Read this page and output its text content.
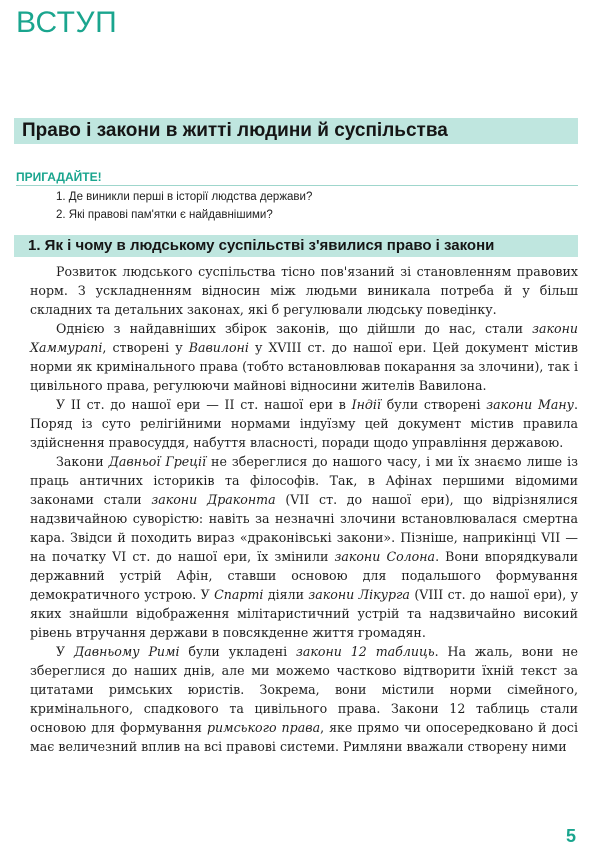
ВСТУП
Право і закони в житті людини й суспільства
ПРИГАДАЙТЕ!
1. Де виникли перші в історії людства держави?
2. Які правові пам'ятки є найдавнішими?
1. Як і чому в людському суспільстві з'явилися право і закони

Розвиток людського суспільства тісно пов'язаний зі становленням правових норм. З ускладненням відносин між людьми виникала потреба й у більш складних та детальних законах, які б регулювали людську поведінку.

Однією з найдавніших збірок законів, що дійшли до нас, стали закони Хаммурапі, створені у Вавилоні у XVIII ст. до нашої ери. Цей документ містив норми як кримінального права (тобто встановлював покарання за злочини), так і цивільного права, регулюючи майнові відносини жителів Вавилона.

У II ст. до нашої ери — II ст. нашої ери в Індії були створені закони Ману. Поряд із суто релігійними нормами індуїзму цей документ містив правила здійснення правосуддя, набуття власності, поради щодо управління державою.

Закони Давньої Греції не збереглися до нашого часу, і ми їх знаємо лише із праць античних істориків та філософів. Так, в Афінах першими відомими законами стали закони Драконта (VII ст. до нашої ери), що відрізнялися надзвичайною суворістю: навіть за незначні злочини встановлювалася смертна кара. Звідси й походить вираз «драконівські закони». Пізніше, наприкінці VII — на початку VI ст. до нашої ери, їх змінили закони Солона. Вони впорядкували державний устрій Афін, ставши основою для подальшого формування демократичного устрою. У Спарті діяли закони Лікурга (VIII ст. до нашої ери), у яких знайшли відображення мілітаристичний устрій та надзвичайно високий рівень втручання держави в повсякденне життя громадян.

У Давньому Римі були укладені закони 12 таблиць. На жаль, вони не збереглися до наших днів, але ми можемо частково відтворити їхній текст за цитатами римських юристів. Зокрема, вони містили норми сімейного, кримінального, спадкового та цивільного права. Закони 12 таблиць стали основою для формування римського права, яке прямо чи опосередковано й досі має величезний вплив на всі правові системи. Римляни вважали створену ними

5
